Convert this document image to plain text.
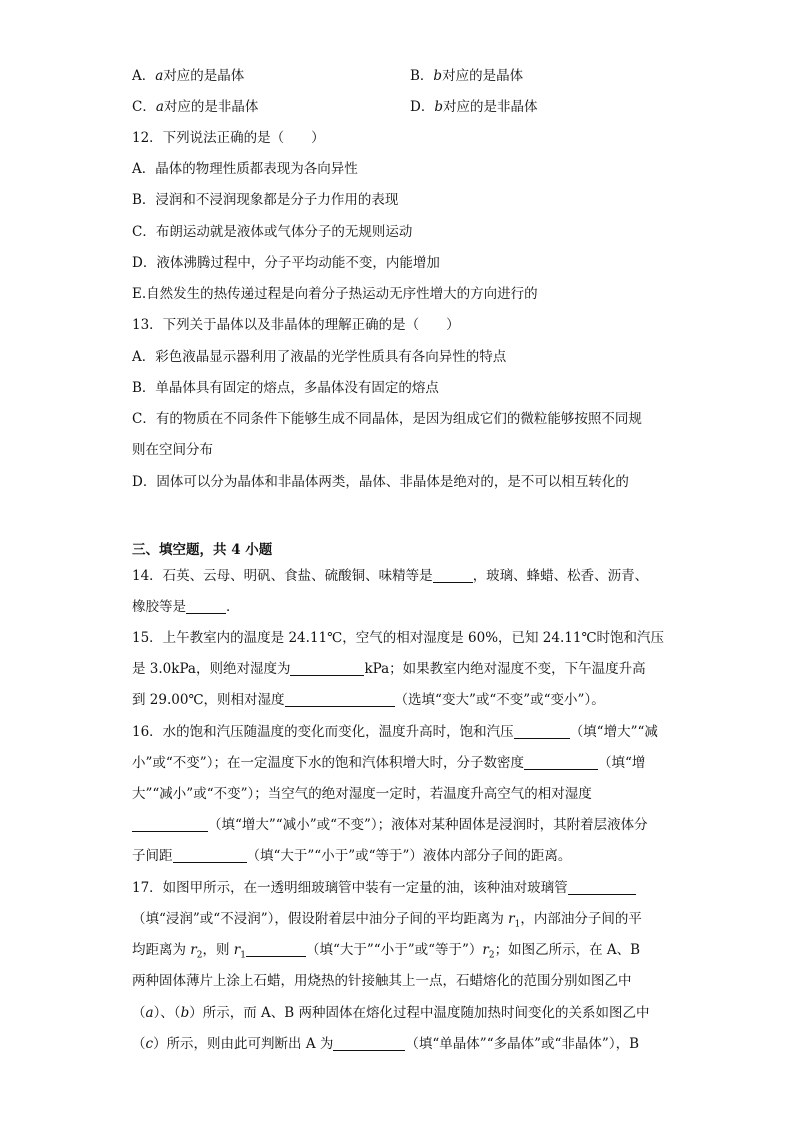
A．a对应的是晶体	B．b对应的是晶体
C．a对应的是非晶体	D．b对应的是非晶体
12．下列说法正确的是（　　）
A．晶体的物理性质都表现为各向异性
B．浸润和不浸润现象都是分子力作用的表现
C．布朗运动就是液体或气体分子的无规则运动
D．液体沸腾过程中，分子平均动能不变，内能增加
E.自然发生的热传递过程是向着分子热运动无序性增大的方向进行的
13．下列关于晶体以及非晶体的理解正确的是（　　）
A．彩色液晶显示器利用了液晶的光学性质具有各向异性的特点
B．单晶体具有固定的熔点，多晶体没有固定的熔点
C．有的物质在不同条件下能够生成不同晶体，是因为组成它们的微粒能够按照不同规
则在空间分布
D．固体可以分为晶体和非晶体两类，晶体、非晶体是绝对的，是不可以相互转化的
三、填空题，共 4 小题
14．石英、云母、明矾、食盐、硫酸铜、味精等是	，玻璃、蜂蜡、松香、沥青、
橡胶等是	．
15．上午教室内的温度是 24.11℃，空气的相对湿度是 60%，已知 24.11℃时饱和汽压
是 3.0kPa，则绝对湿度为	kPa；如果教室内绝对湿度不变，下午温度升高
到 29.00℃，则相对湿度	（选填“变大”或“不变”或“变小”）。
16．水的饱和汽压随温度的变化而变化，温度升高时，饱和汽压	（填“增大”“减
小”或“不变”）；在一定温度下水的饱和汽体积增大时，分子数密度	（填“增
大”“减小”或“不变”）；当空气的绝对湿度一定时，若温度升高空气的相对湿度
（填“增大”“减小”或“不变”）；液体对某种固体是浸润时，其附着层液体分
子间距	（填“大于”“小于”或“等于”）液体内部分子间的距离。
17．如图甲所示，在一透明细玻璃管中装有一定量的油，该种油对玻璃管
（填“浸润”或“不浸润”），假设附着层中油分子间的平均距离为 $r_1$，内部油分子间的平
均距离为 $r_2$，则 $r_1$	（填“大于”“小于”或“等于$”)r_2$；如图乙所示，在 A、B
两种固体薄片上涂上石蜡，用烧热的针接触其上一点，石蜡熔化的范围分别如图乙中
（a）、（b）所示，而 A、B 两种固体在熔化过程中温度随加热时间变化的关系如图乙中
（c）所示，则由此可判断出 A 为	（填“单晶体”“多晶体”或“非晶体”），B
